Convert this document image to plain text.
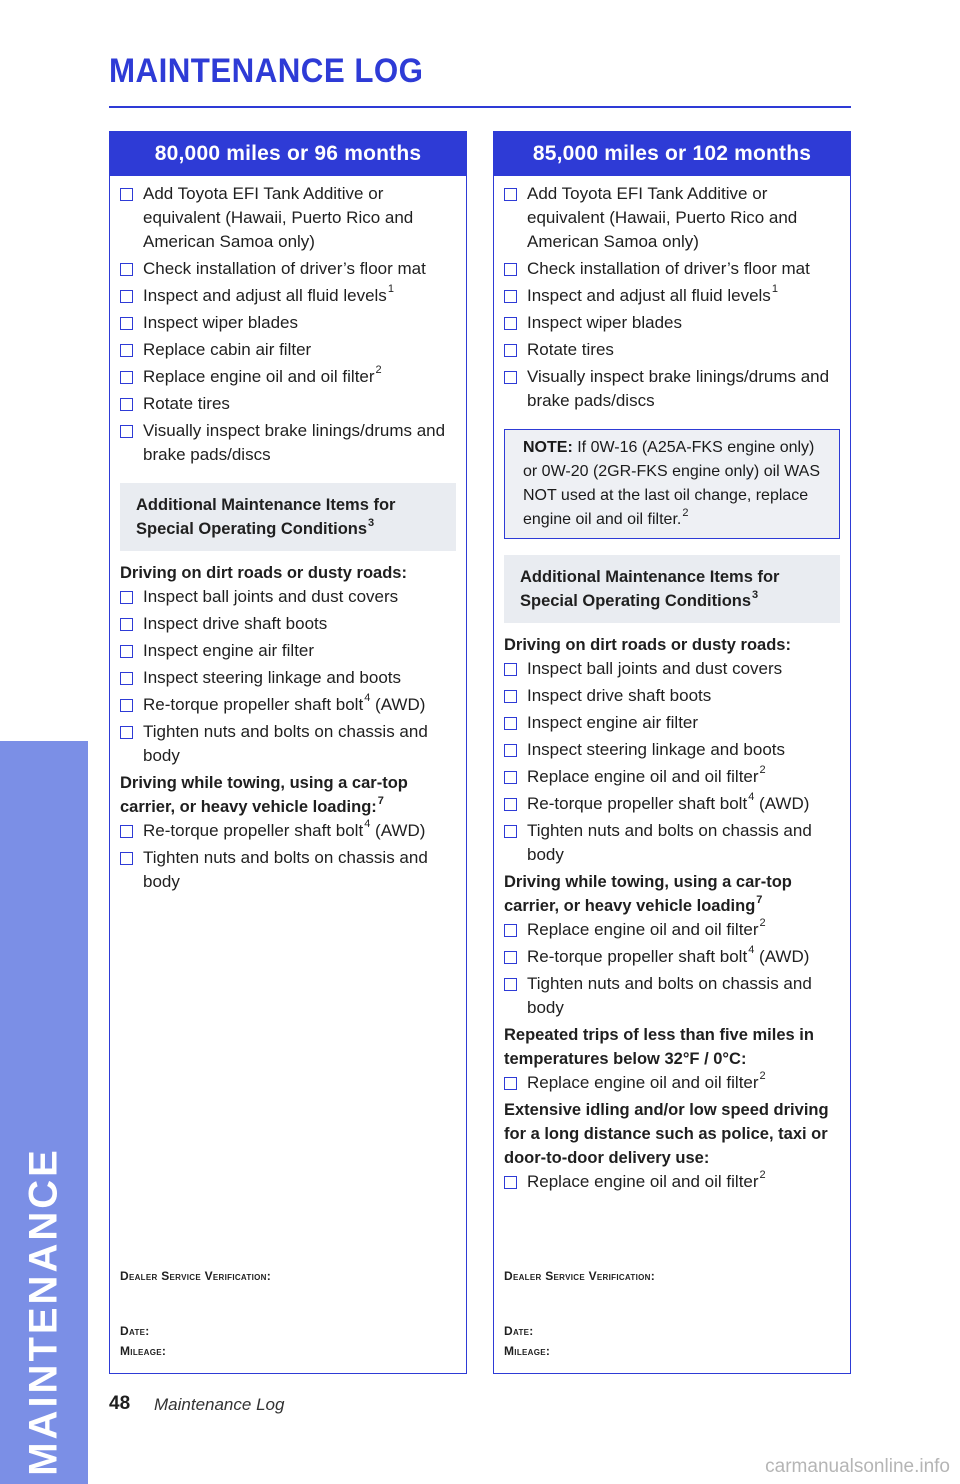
MAINTENANCE
MAINTENANCE LOG
80,000 miles or 96 months
Add Toyota EFI Tank Additive or equivalent (Hawaii, Puerto Rico and American Samoa only)
Check installation of driver’s floor mat
Inspect and adjust all fluid levels$^1$
Inspect wiper blades
Replace cabin air filter
Replace engine oil and oil filter$^2$
Rotate tires
Visually inspect brake linings/drums and brake pads/discs
Additional Maintenance Items for Special Operating Conditions$^3$
Driving on dirt roads or dusty roads:
Inspect ball joints and dust covers
Inspect drive shaft boots
Inspect engine air filter
Inspect steering linkage and boots
Re-torque propeller shaft bolt$^4$ (AWD)
Tighten nuts and bolts on chassis and body
Driving while towing, using a car-top carrier, or heavy vehicle loading:$^7$
Re-torque propeller shaft bolt$^4$ (AWD)
Tighten nuts and bolts on chassis and body
Dealer Service Verification:
Date:
Mileage:
85,000 miles or 102 months
Add Toyota EFI Tank Additive or equivalent (Hawaii, Puerto Rico and American Samoa only)
Check installation of driver’s floor mat
Inspect and adjust all fluid levels$^1$
Inspect wiper blades
Rotate tires
Visually inspect brake linings/drums and brake pads/discs
NOTE: If 0W-16 (A25A-FKS engine only) or 0W-20 (2GR-FKS engine only) oil WAS NOT used at the last oil change, replace engine oil and oil filter.$^2$
Additional Maintenance Items for Special Operating Conditions$^3$
Driving on dirt roads or dusty roads:
Inspect ball joints and dust covers
Inspect drive shaft boots
Inspect engine air filter
Inspect steering linkage and boots
Replace engine oil and oil filter$^2$
Re-torque propeller shaft bolt$^4$ (AWD)
Tighten nuts and bolts on chassis and body
Driving while towing, using a car-top carrier, or heavy vehicle loading$^7$
Replace engine oil and oil filter$^2$
Re-torque propeller shaft bolt$^4$ (AWD)
Tighten nuts and bolts on chassis and body
Repeated trips of less than five miles in temperatures below 32°F / 0°C:
Replace engine oil and oil filter$^2$
Extensive idling and/or low speed driving for a long distance such as police, taxi or door-to-door delivery use:
Replace engine oil and oil filter$^2$
Dealer Service Verification:
Date:
Mileage:
48 Maintenance Log
carmanualsonline.info
